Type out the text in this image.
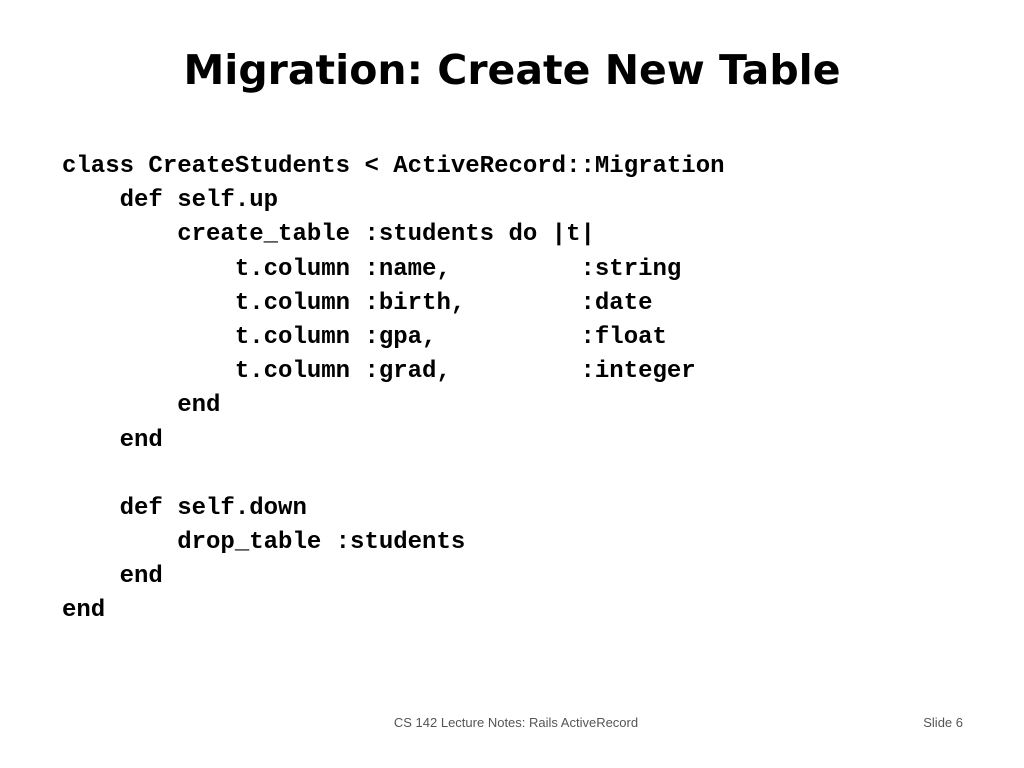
Migration: Create New Table
class CreateStudents < ActiveRecord::Migration
def self.up
create_table :students do |t|
t.column :name,         :string
t.column :birth,        :date
t.column :gpa,          :float
t.column :grad,         :integer
end
end
def self.down
drop_table :students
end
end
CS 142 Lecture Notes: Rails ActiveRecord	Slide 6
